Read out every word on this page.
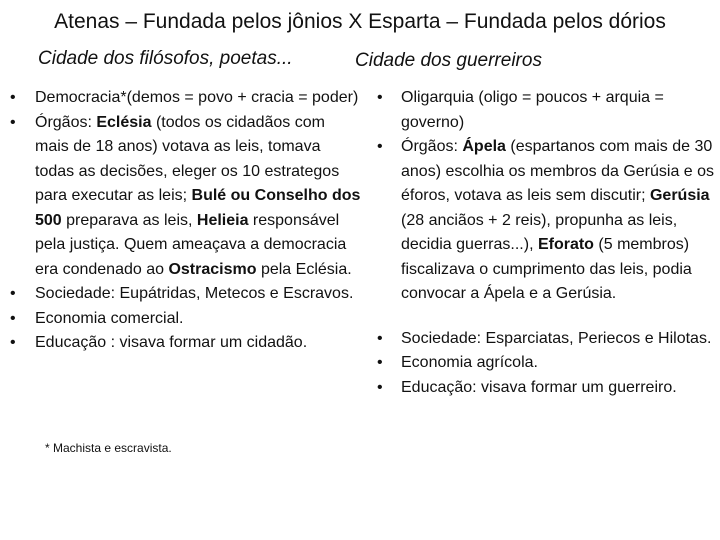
Atenas – Fundada pelos jônios X Esparta – Fundada pelos dórios
Cidade dos filósofos, poetas...	Cidade dos guerreiros
• Democracia*(demos = povo + cracia = poder)
• Órgãos: Eclésia (todos os cidadãos com mais de 18 anos) votava as leis, tomava todas as decisões, eleger os 10 estrategos para executar as leis; Bulé ou Conselho dos 500 preparava as leis, Helieia responsável pela justiça. Quem ameaçava a democracia era condenado ao Ostracismo pela Eclésia.
• Sociedade: Eupátridas, Metecos e Escravos.
• Economia comercial.
• Educação : visava formar um cidadão.
* Machista e escravista.
• Oligarquia (oligo = poucos + arquia = governo)
• Órgãos: Ápela (espartanos com mais de 30 anos) escolhia os membros da Gerúsia e os éforos, votava as leis sem discutir; Gerúsia (28 anciãos + 2 reis), propunha as leis, decidia guerras...), Eforato (5 membros) fiscalizava o cumprimento das leis, podia convocar a Ápela e a Gerúsia.
• Sociedade: Esparciatas, Periecos e Hilotas.
• Economia agrícola.
• Educação: visava formar um guerreiro.
